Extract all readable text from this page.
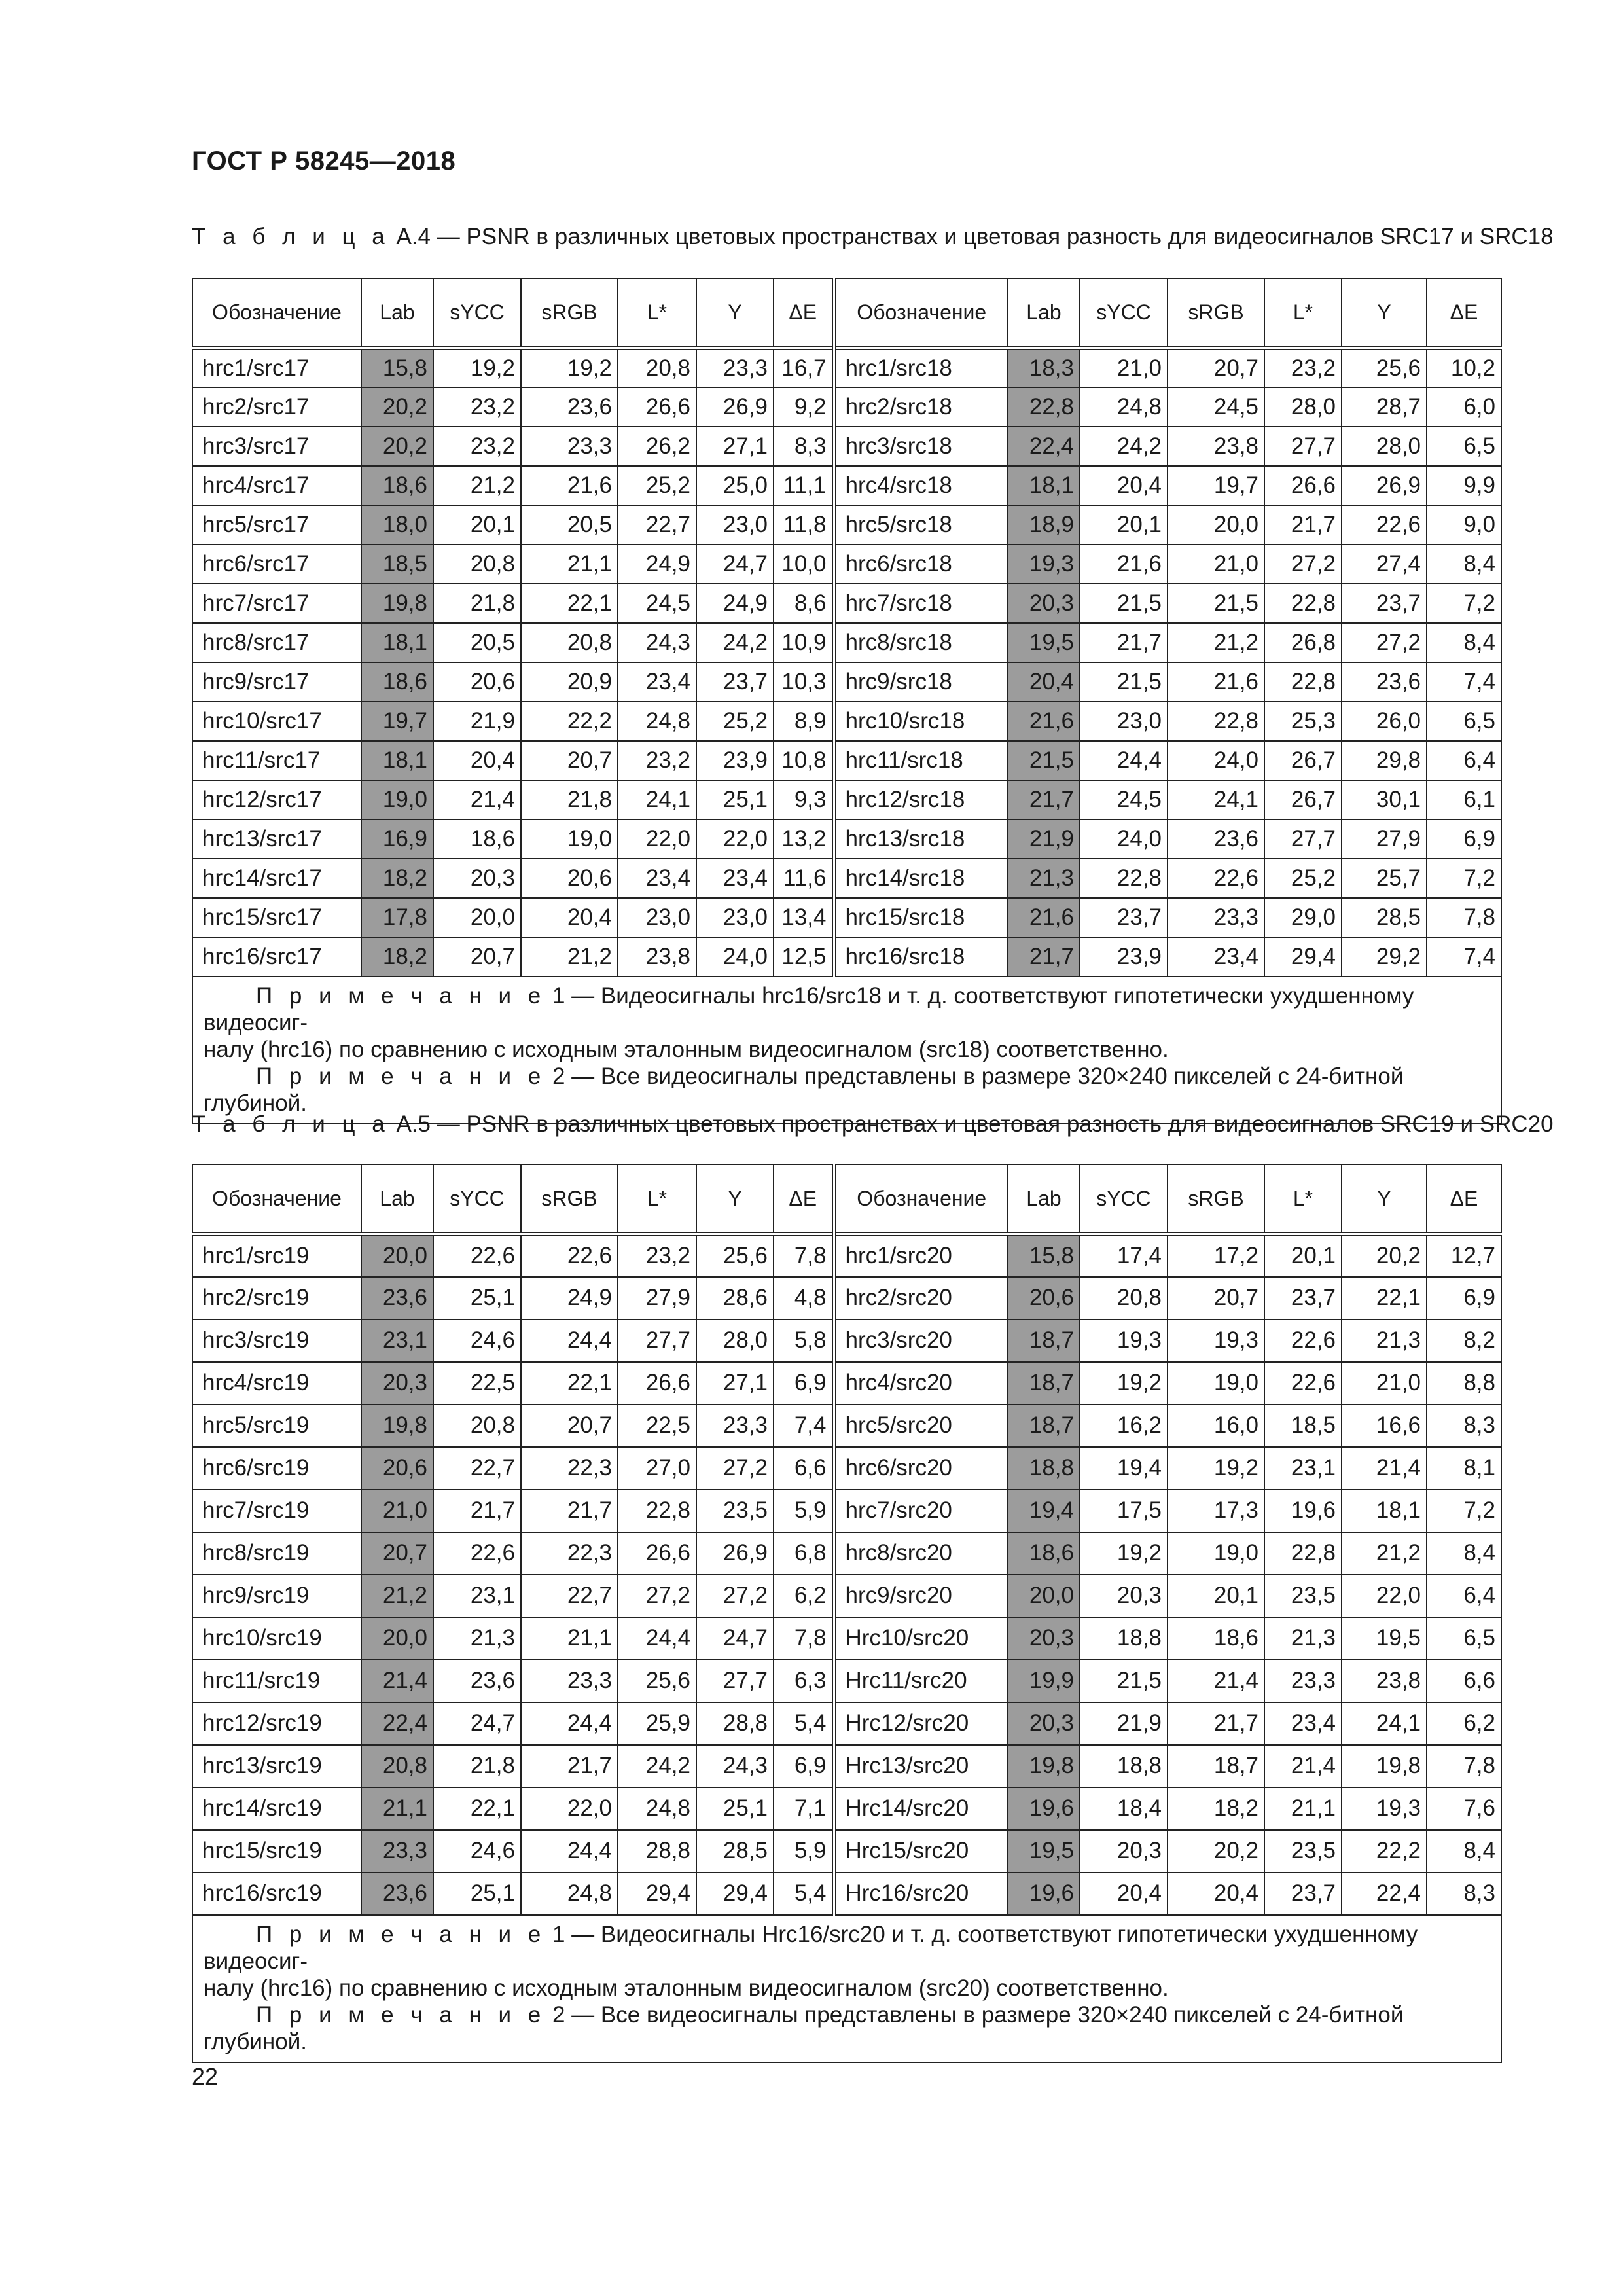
ГОСТ Р 58245—2018
Т а б л и ц а А.4 — PSNR в различных цветовых пространствах и цветовая разность для видеосигналов SRC17 и SRC18
Обозначение	Lab	sYCC	sRGB	L*	Y	ΔE	Обозначение	Lab	sYCC	sRGB	L*	Y	ΔE
hrc1/src17	15,8	19,2	19,2	20,8	23,3	16,7	hrc1/src18	18,3	21,0	20,7	23,2	25,6	10,2
hrc2/src17	20,2	23,2	23,6	26,6	26,9	9,2	hrc2/src18	22,8	24,8	24,5	28,0	28,7	6,0
hrc3/src17	20,2	23,2	23,3	26,2	27,1	8,3	hrc3/src18	22,4	24,2	23,8	27,7	28,0	6,5
hrc4/src17	18,6	21,2	21,6	25,2	25,0	11,1	hrc4/src18	18,1	20,4	19,7	26,6	26,9	9,9
hrc5/src17	18,0	20,1	20,5	22,7	23,0	11,8	hrc5/src18	18,9	20,1	20,0	21,7	22,6	9,0
hrc6/src17	18,5	20,8	21,1	24,9	24,7	10,0	hrc6/src18	19,3	21,6	21,0	27,2	27,4	8,4
hrc7/src17	19,8	21,8	22,1	24,5	24,9	8,6	hrc7/src18	20,3	21,5	21,5	22,8	23,7	7,2
hrc8/src17	18,1	20,5	20,8	24,3	24,2	10,9	hrc8/src18	19,5	21,7	21,2	26,8	27,2	8,4
hrc9/src17	18,6	20,6	20,9	23,4	23,7	10,3	hrc9/src18	20,4	21,5	21,6	22,8	23,6	7,4
hrc10/src17	19,7	21,9	22,2	24,8	25,2	8,9	hrc10/src18	21,6	23,0	22,8	25,3	26,0	6,5
hrc11/src17	18,1	20,4	20,7	23,2	23,9	10,8	hrc11/src18	21,5	24,4	24,0	26,7	29,8	6,4
hrc12/src17	19,0	21,4	21,8	24,1	25,1	9,3	hrc12/src18	21,7	24,5	24,1	26,7	30,1	6,1
hrc13/src17	16,9	18,6	19,0	22,0	22,0	13,2	hrc13/src18	21,9	24,0	23,6	27,7	27,9	6,9
hrc14/src17	18,2	20,3	20,6	23,4	23,4	11,6	hrc14/src18	21,3	22,8	22,6	25,2	25,7	7,2
hrc15/src17	17,8	20,0	20,4	23,0	23,0	13,4	hrc15/src18	21,6	23,7	23,3	29,0	28,5	7,8
hrc16/src17	18,2	20,7	21,2	23,8	24,0	12,5	hrc16/src18	21,7	23,9	23,4	29,4	29,2	7,4

П р и м е ч а н и е 1 — Видеосигналы hrc16/src18 и т. д. соответствуют гипотетически ухудшенному видеосиг-
налу (hrc16) по сравнению с исходным эталонным видеосигналом (src18) соответственно.
П р и м е ч а н и е 2 — Все видеосигналы представлены в размере 320×240 пикселей с 24-битной глубиной.													
Т а б л и ц а А.5 — PSNR в различных цветовых пространствах и цветовая разность для видеосигналов SRC19 и SRC20
Обозначение	Lab	sYCC	sRGB	L*	Y	ΔE	Обозначение	Lab	sYCC	sRGB	L*	Y	ΔE
hrc1/src19	20,0	22,6	22,6	23,2	25,6	7,8	hrc1/src20	15,8	17,4	17,2	20,1	20,2	12,7
hrc2/src19	23,6	25,1	24,9	27,9	28,6	4,8	hrc2/src20	20,6	20,8	20,7	23,7	22,1	6,9
hrc3/src19	23,1	24,6	24,4	27,7	28,0	5,8	hrc3/src20	18,7	19,3	19,3	22,6	21,3	8,2
hrc4/src19	20,3	22,5	22,1	26,6	27,1	6,9	hrc4/src20	18,7	19,2	19,0	22,6	21,0	8,8
hrc5/src19	19,8	20,8	20,7	22,5	23,3	7,4	hrc5/src20	18,7	16,2	16,0	18,5	16,6	8,3
hrc6/src19	20,6	22,7	22,3	27,0	27,2	6,6	hrc6/src20	18,8	19,4	19,2	23,1	21,4	8,1
hrc7/src19	21,0	21,7	21,7	22,8	23,5	5,9	hrc7/src20	19,4	17,5	17,3	19,6	18,1	7,2
hrc8/src19	20,7	22,6	22,3	26,6	26,9	6,8	hrc8/src20	18,6	19,2	19,0	22,8	21,2	8,4
hrc9/src19	21,2	23,1	22,7	27,2	27,2	6,2	hrc9/src20	20,0	20,3	20,1	23,5	22,0	6,4
hrc10/src19	20,0	21,3	21,1	24,4	24,7	7,8	Hrc10/src20	20,3	18,8	18,6	21,3	19,5	6,5
hrc11/src19	21,4	23,6	23,3	25,6	27,7	6,3	Hrc11/src20	19,9	21,5	21,4	23,3	23,8	6,6
hrc12/src19	22,4	24,7	24,4	25,9	28,8	5,4	Hrc12/src20	20,3	21,9	21,7	23,4	24,1	6,2
hrc13/src19	20,8	21,8	21,7	24,2	24,3	6,9	Hrc13/src20	19,8	18,8	18,7	21,4	19,8	7,8
hrc14/src19	21,1	22,1	22,0	24,8	25,1	7,1	Hrc14/src20	19,6	18,4	18,2	21,1	19,3	7,6
hrc15/src19	23,3	24,6	24,4	28,8	28,5	5,9	Hrc15/src20	19,5	20,3	20,2	23,5	22,2	8,4
hrc16/src19	23,6	25,1	24,8	29,4	29,4	5,4	Hrc16/src20	19,6	20,4	20,4	23,7	22,4	8,3

П р и м е ч а н и е 1 — Видеосигналы Hrc16/src20 и т. д. соответствуют гипотетически ухудшенному видеосиг-
налу (hrc16) по сравнению с исходным эталонным видеосигналом (src20) соответственно.
П р и м е ч а н и е 2 — Все видеосигналы представлены в размере 320×240 пикселей с 24-битной глубиной.													
22
